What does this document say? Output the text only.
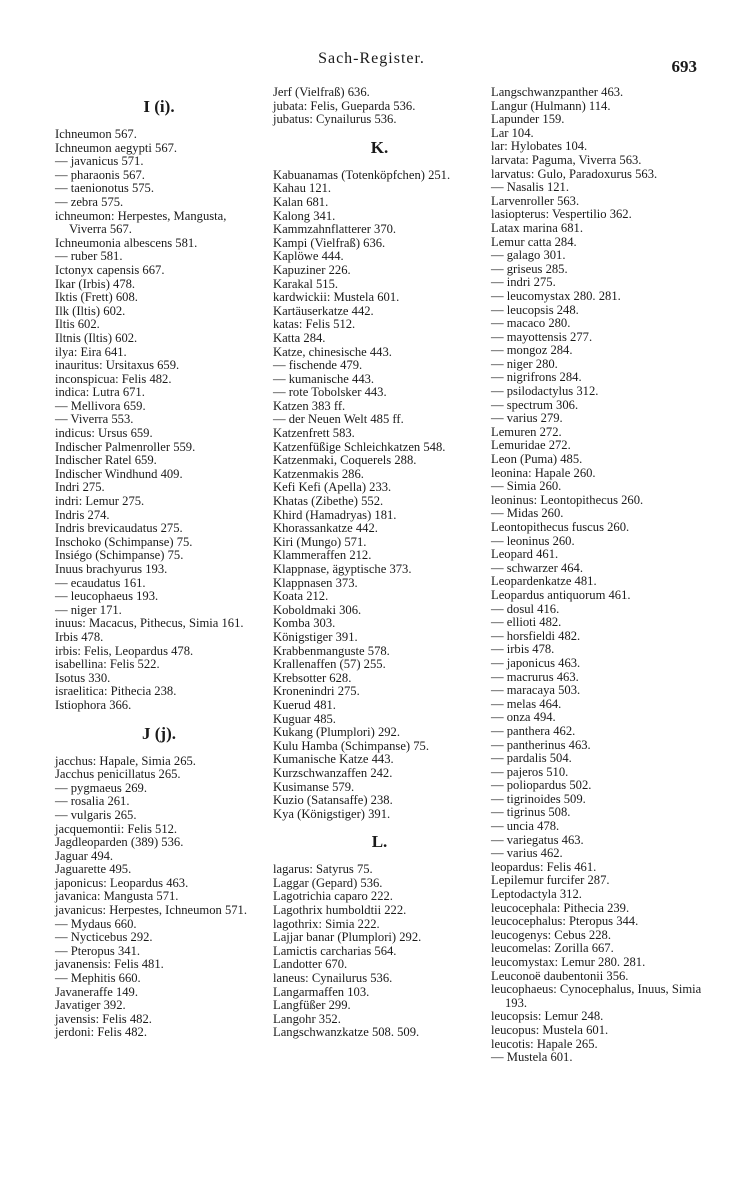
Sach-Register.	693
I (i).
Ichneumon 567.
Ichneumon aegypti 567.
— javanicus 571.
— pharaonis 567.
— taenionotus 575.
— zebra 575.
ichneumon: Herpestes, Mangusta, Viverra 567.
Ichneumonia albescens 581.
— ruber 581.
Ictonyx capensis 667.
Ikar (Irbis) 478.
Iktis (Frett) 608.
Ilk (Iltis) 602.
Iltis 602.
Iltnis (Iltis) 602.
ilya: Eira 641.
inauritus: Ursitaxus 659.
inconspicua: Felis 482.
indica: Lutra 671.
— Mellivora 659.
— Viverra 553.
indicus: Ursus 659.
Indischer Palmenroller 559.
Indischer Ratel 659.
Indischer Windhund 409.
Indri 275.
indri: Lemur 275.
Indris 274.
Indris brevicaudatus 275.
Inschoko (Schimpanse) 75.
Insiégo (Schimpanse) 75.
Inuus brachyurus 193.
— ecaudatus 161.
— leucophaeus 193.
— niger 171.
inuus: Macacus, Pithecus, Simia 161.
Irbis 478.
irbis: Felis, Leopardus 478.
isabellina: Felis 522.
Isotus 330.
israelitica: Pithecia 238.
Istiophora 366.
J (j).
jacchus: Hapale, Simia 265.
Jacchus penicillatus 265.
— pygmaeus 269.
— rosalia 261.
— vulgaris 265.
jacquemontii: Felis 512.
Jagdleoparden (389) 536.
Jaguar 494.
Jaguarette 495.
japonicus: Leopardus 463.
javanica: Mangusta 571.
javanicus: Herpestes, Ichneumon 571.
— Mydaus 660.
— Nycticebus 292.
— Pteropus 341.
javanensis: Felis 481.
— Mephitis 660.
Javaneraffe 149.
Javatiger 392.
javensis: Felis 482.
jerdoni: Felis 482.
Jerf (Vielfraß) 636.
jubata: Felis, Gueparda 536.
jubatus: Cynailurus 536.
K.
Kabuanamas (Totenköpfchen) 251.
Kahau 121.
Kalan 681.
Kalong 341.
Kammzahnflatterer 370.
Kampi (Vielfraß) 636.
Kaplöwe 444.
Kapuziner 226.
Karakal 515.
kardwickii: Mustela 601.
Kartäuserkatze 442.
katas: Felis 512.
Katta 284.
Katze, chinesische 443.
— fischende 479.
— kumanische 443.
— rote Tobolsker 443.
Katzen 383 ff.
— der Neuen Welt 485 ff.
Katzenfrett 583.
Katzenfüßige Schleichkatzen 548.
Katzenmaki, Coquerels 288.
Katzenmakis 286.
Kefi Kefi (Apella) 233.
Khatas (Zibethe) 552.
Khird (Hamadryas) 181.
Khorassankatze 442.
Kiri (Mungo) 571.
Klammeraffen 212.
Klappnase, ägyptische 373.
Klappnasen 373.
Koata 212.
Koboldmaki 306.
Komba 303.
Königstiger 391.
Krabbenmanguste 578.
Krallenaffen (57) 255.
Krebsotter 628.
Kronenindri 275.
Kuerud 481.
Kuguar 485.
Kukang (Plumplori) 292.
Kulu Hamba (Schimpanse) 75.
Kumanische Katze 443.
Kurzschwanzaffen 242.
Kusimanse 579.
Kuzio (Satansaffe) 238.
Kya (Königstiger) 391.
L.
lagarus: Satyrus 75.
Laggar (Gepard) 536.
Lagotrichia caparo 222.
Lagothrix humboldtii 222.
lagothrix: Simia 222.
Lajjar banar (Plumplori) 292.
Lamictis carcharias 564.
Landotter 670.
laneus: Cynailurus 536.
Langarmaffen 103.
Langfüßer 299.
Langohr 352.
Langschwanzkatze 508. 509.
Langschwanzpanther 463.
Langur (Hulmann) 114.
Lapunder 159.
Lar 104.
lar: Hylobates 104.
larvata: Paguma, Viverra 563.
larvatus: Gulo, Paradoxurus 563.
— Nasalis 121.
Larvenroller 563.
lasiopterus: Vespertilio 362.
Latax marina 681.
Lemur catta 284.
— galago 301.
— griseus 285.
— indri 275.
— leucomystax 280. 281.
— leucopsis 248.
— macaco 280.
— mayottensis 277.
— mongoz 284.
— niger 280.
— nigrifrons 284.
— psilodactylus 312.
— spectrum 306.
— varius 279.
Lemuren 272.
Lemuridae 272.
Leon (Puma) 485.
leonina: Hapale 260.
— Simia 260.
leoninus: Leontopithecus 260.
— Midas 260.
Leontopithecus fuscus 260.
— leoninus 260.
Leopard 461.
— schwarzer 464.
Leopardenkatze 481.
Leopardus antiquorum 461.
— dosul 416.
— ellioti 482.
— horsfieldi 482.
— irbis 478.
— japonicus 463.
— macrurus 463.
— maracaya 503.
— melas 464.
— onza 494.
— panthera 462.
— pantherinus 463.
— pardalis 504.
— pajeros 510.
— poliopardus 502.
— tigrinoides 509.
— tigrinus 508.
— uncia 478.
— variegatus 463.
— varius 462.
leopardus: Felis 461.
Lepilemur furcifer 287.
Leptodactyla 312.
leucocephala: Pithecia 239.
leucocephalus: Pteropus 344.
leucogenys: Cebus 228.
leucomelas: Zorilla 667.
leucomystax: Lemur 280. 281.
Leuconoë daubentonii 356.
leucophaeus: Cynocephalus, Inuus, Simia 193.
leucopsis: Lemur 248.
leucopus: Mustela 601.
leucotis: Hapale 265.
— Mustela 601.
